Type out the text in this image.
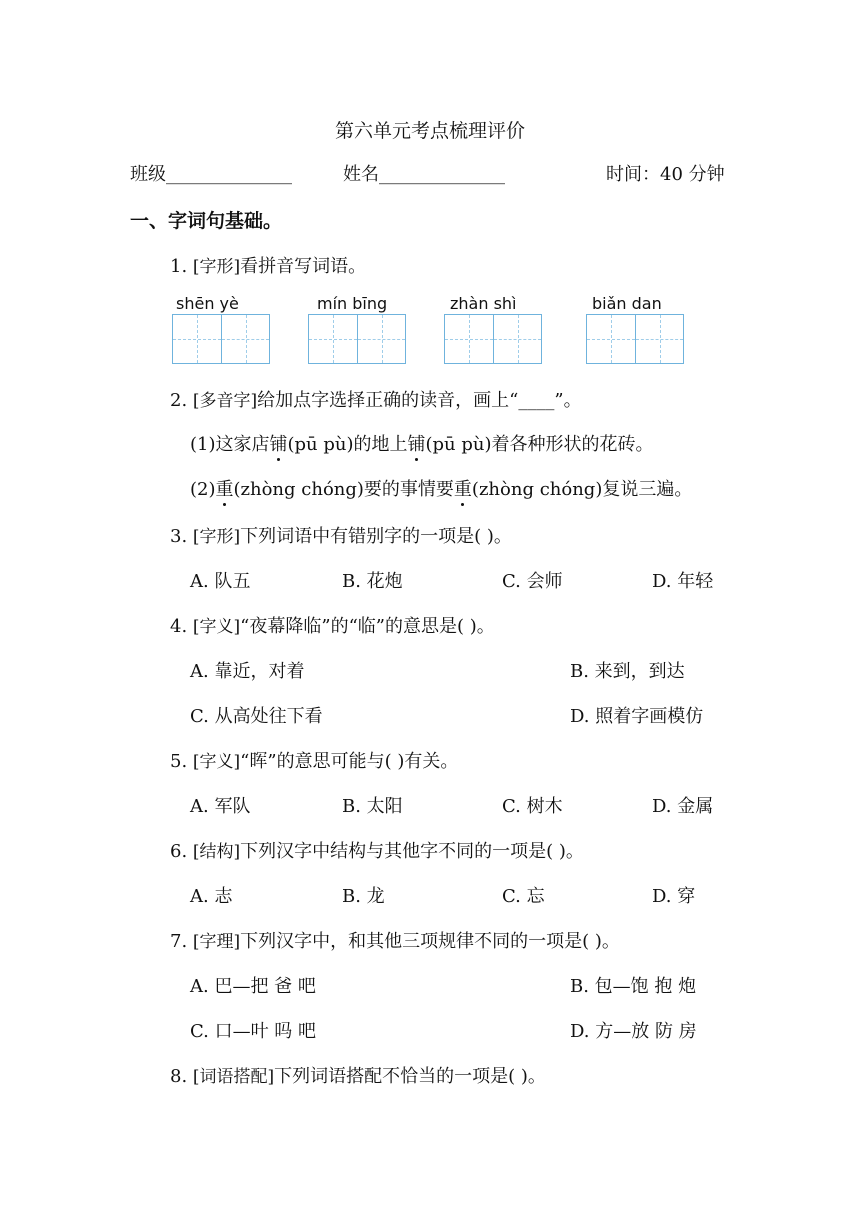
第六单元考点梳理评价
班级______________	姓名______________	时间：40 分钟
一、字词句基础。
1. [字形]看拼音写词语。
shēn yè	mín bīng	zhàn shì	biǎn dan
2. [多音字]给加点字选择正确的读音，画上“____”。
(1)这家店铺(pū pù)的地上铺(pū pù)着各种形状的花砖。
(2)重(zhòng chóng)要的事情要重(zhòng chóng)复说三遍。
3. [字形]下列词语中有错别字的一项是( )。
A. 队五	B. 花炮	C. 会师	D. 年轻
4. [字义]“夜幕降临”的“临”的意思是( )。
A. 靠近，对着	B. 来到，到达
C. 从高处往下看	D. 照着字画模仿
5. [字义]“晖”的意思可能与( )有关。
A. 军队	B. 太阳	C. 树木	D. 金属
6. [结构]下列汉字中结构与其他字不同的一项是( )。
A. 志	B. 龙	C. 忘	D. 穿
7. [字理]下列汉字中，和其他三项规律不同的一项是( )。
A. 巴—把 爸 吧	B. 包—饱 抱 炮
C. 口—叶 吗 吧	D. 方—放 防 房
8. [词语搭配]下列词语搭配不恰当的一项是( )。
